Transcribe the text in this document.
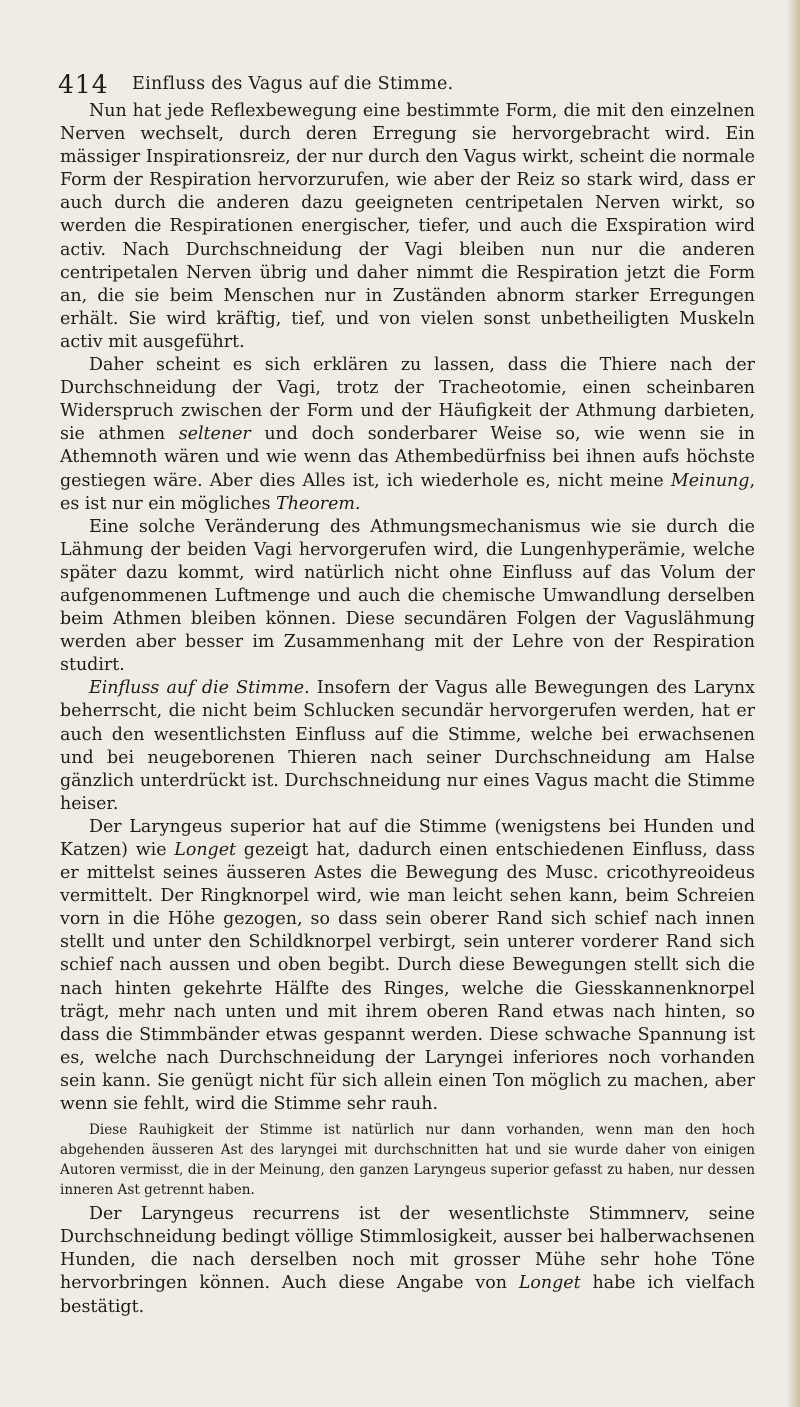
414 Einfluss des Vagus auf die Stimme.

Nun hat jede Reflexbewegung eine bestimmte Form, die mit den einzelnen Nerven wechselt, durch deren Erregung sie hervorgebracht wird. Ein mässiger Inspirationsreiz, der nur durch den Vagus wirkt, scheint die normale Form der Respiration hervorzurufen, wie aber der Reiz so stark wird, dass er auch durch die anderen dazu geeigneten centripetalen Nerven wirkt, so werden die Respirationen energischer, tiefer, und auch die Exspiration wird activ. Nach Durchschneidung der Vagi bleiben nun nur die anderen centripetalen Nerven übrig und daher nimmt die Respiration jetzt die Form an, die sie beim Menschen nur in Zuständen abnorm starker Erregungen erhält. Sie wird kräftig, tief, und von vielen sonst unbetheiligten Muskeln activ mit ausgeführt.

Daher scheint es sich erklären zu lassen, dass die Thiere nach der Durchschneidung der Vagi, trotz der Tracheotomie, einen scheinbaren Widerspruch zwischen der Form und der Häufigkeit der Athmung darbieten, sie athmen seltener und doch sonderbarer Weise so, wie wenn sie in Athemnoth wären und wie wenn das Athembedürfniss bei ihnen aufs höchste gestiegen wäre. Aber dies Alles ist, ich wiederhole es, nicht meine Meinung, es ist nur ein mögliches Theorem.

Eine solche Veränderung des Athmungsmechanismus wie sie durch die Lähmung der beiden Vagi hervorgerufen wird, die Lungenhyperämie, welche später dazu kommt, wird natürlich nicht ohne Einfluss auf das Volum der aufgenommenen Luftmenge und auch die chemische Umwandlung derselben beim Athmen bleiben können. Diese secundären Folgen der Vaguslähmung werden aber besser im Zusammenhang mit der Lehre von der Respiration studirt.

Einfluss auf die Stimme. Insofern der Vagus alle Bewegungen des Larynx beherrscht, die nicht beim Schlucken secundär hervorgerufen werden, hat er auch den wesentlichsten Einfluss auf die Stimme, welche bei erwachsenen und bei neugeborenen Thieren nach seiner Durchschneidung am Halse gänzlich unterdrückt ist. Durchschneidung nur eines Vagus macht die Stimme heiser.

Der Laryngeus superior hat auf die Stimme (wenigstens bei Hunden und Katzen) wie Longet gezeigt hat, dadurch einen entschiedenen Einfluss, dass er mittelst seines äusseren Astes die Bewegung des Musc. cricothyreoideus vermittelt. Der Ringknorpel wird, wie man leicht sehen kann, beim Schreien vorn in die Höhe gezogen, so dass sein oberer Rand sich schief nach innen stellt und unter den Schildknorpel verbirgt, sein unterer vorderer Rand sich schief nach aussen und oben begibt. Durch diese Bewegungen stellt sich die nach hinten gekehrte Hälfte des Ringes, welche die Giesskannenknorpel trägt, mehr nach unten und mit ihrem oberen Rand etwas nach hinten, so dass die Stimmbänder etwas gespannt werden. Diese schwache Spannung ist es, welche nach Durchschneidung der Laryngei inferiores noch vorhanden sein kann. Sie genügt nicht für sich allein einen Ton möglich zu machen, aber wenn sie fehlt, wird die Stimme sehr rauh.

Diese Rauhigkeit der Stimme ist natürlich nur dann vorhanden, wenn man den hoch abgehenden äusseren Ast des laryngei mit durchschnitten hat und sie wurde daher von einigen Autoren vermisst, die in der Meinung, den ganzen Laryngeus superior gefasst zu haben, nur dessen inneren Ast getrennt haben.

Der Laryngeus recurrens ist der wesentlichste Stimmnerv, seine Durchschneidung bedingt völlige Stimmlosigkeit, ausser bei halberwachsenen Hunden, die nach derselben noch mit grosser Mühe sehr hohe Töne hervorbringen können. Auch diese Angabe von Longet habe ich vielfach bestätigt.
